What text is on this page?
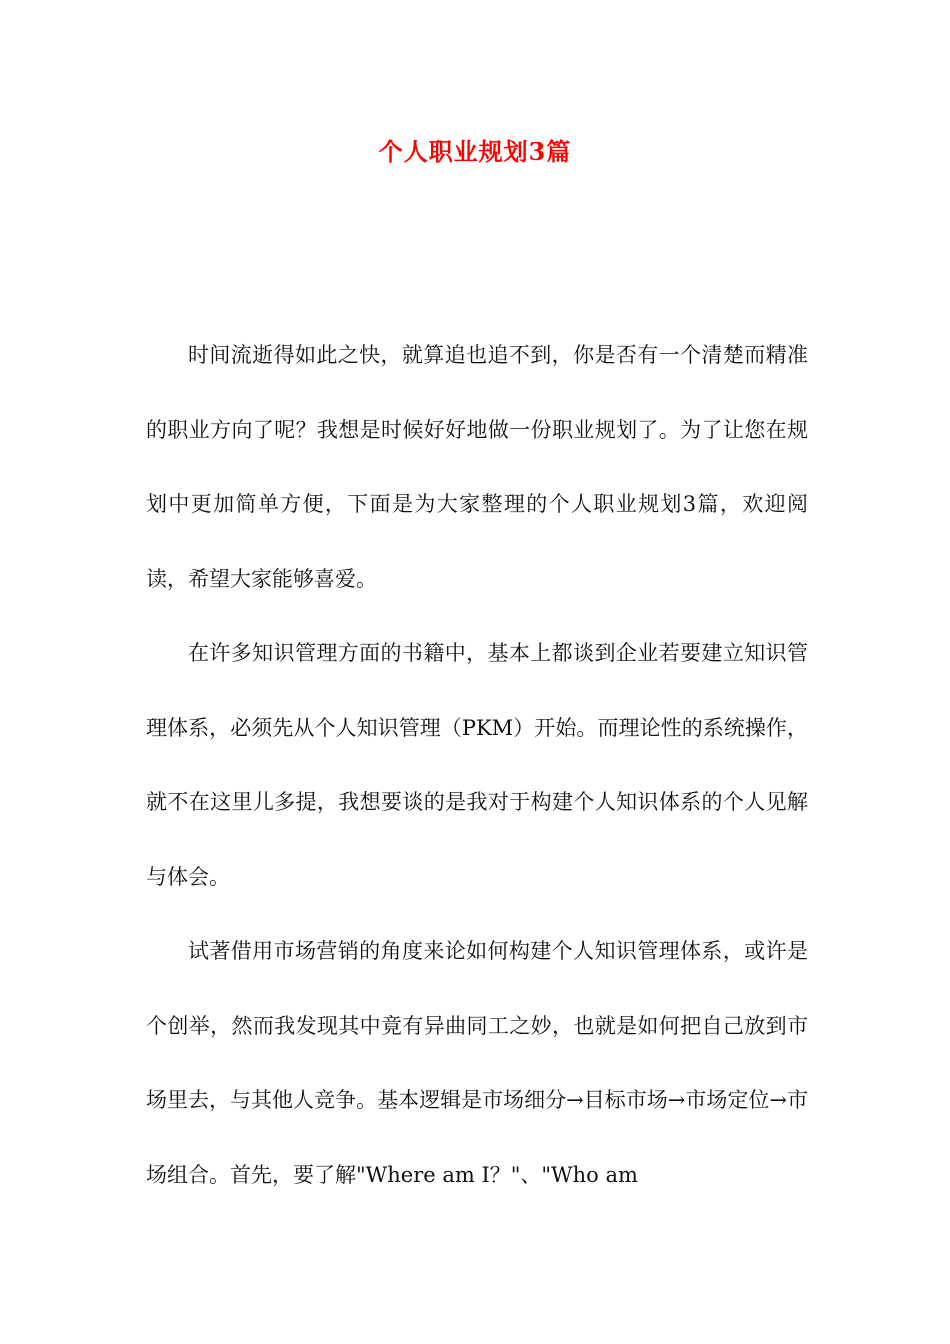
个人职业规划3篇

时间流逝得如此之快，就算追也追不到，你是否有一个清楚而精准的职业方向了呢？我想是时候好好地做一份职业规划了。为了让您在规划中更加简单方便，下面是为大家整理的个人职业规划3篇，欢迎阅读，希望大家能够喜爱。

在许多知识管理方面的书籍中，基本上都谈到企业若要建立知识管理体系，必须先从个人知识管理（PKM）开始。而理论性的系统操作，就不在这里儿多提，我想要谈的是我对于构建个人知识体系的个人见解与体会。

试著借用市场营销的角度来论如何构建个人知识管理体系，或许是个创举，然而我发现其中竟有异曲同工之妙，也就是如何把自己放到市场里去，与其他人竞争。基本逻辑是市场细分→目标市场→市场定位→市场组合。首先，要了解"Where am I？"、"Who am
